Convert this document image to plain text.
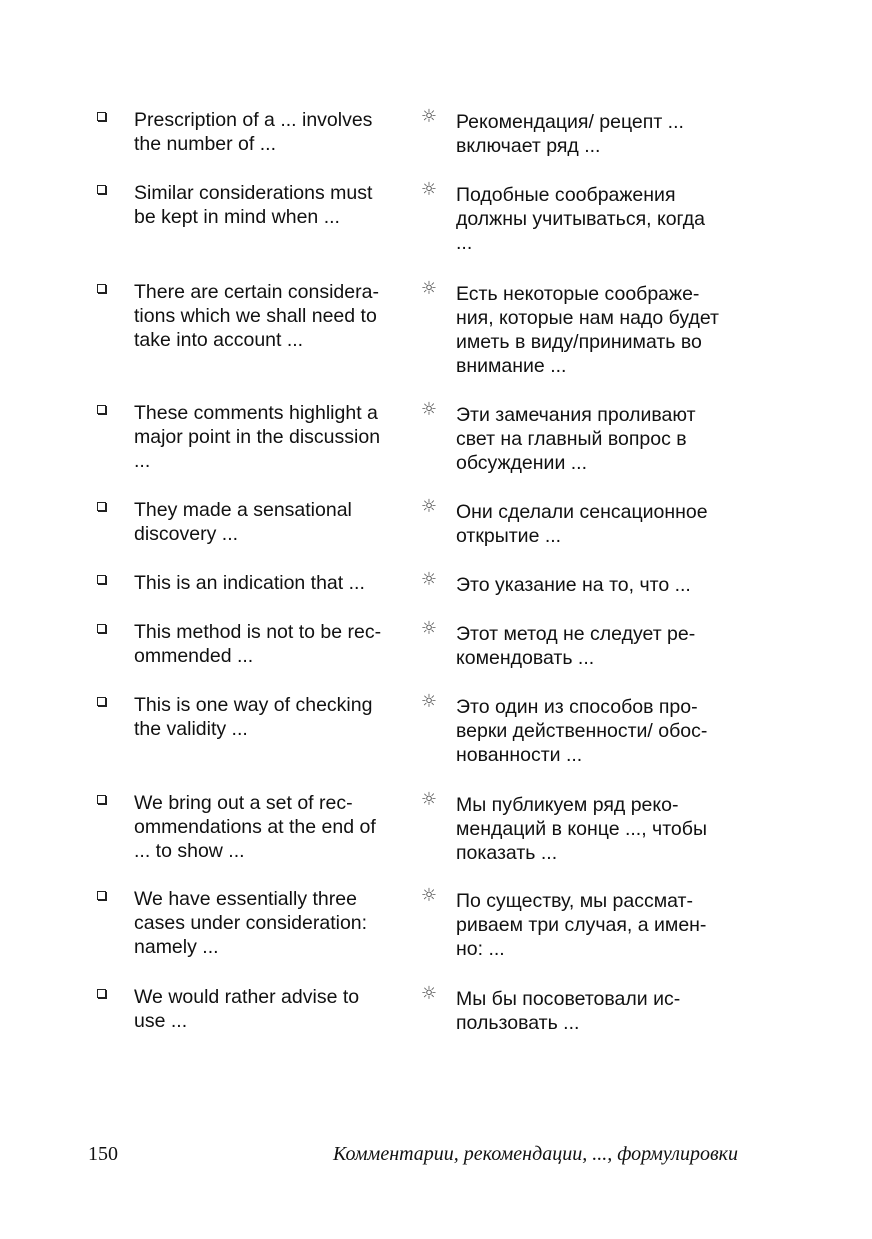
Prescription of a ... involves
the number of ...
☼ Рекомендация/ рецепт ...
включает ряд ...
Similar considerations must
be kept in mind when ...
☼ Подобные соображения
должны учитываться, когда
...
There are certain considera-
tions which we shall need to
take into account ...
☼ Есть некоторые соображе-
ния, которые нам надо будет
иметь в виду/принимать во
внимание ...
These comments highlight a
major point in the discussion
...
☼ Эти замечания проливают
свет на главный вопрос в
обсуждении ...
They made a sensational
discovery ...
☼ Они сделали сенсационное
открытие ...
This is an indication that ...	☼ Это указание на то, что ...
This method is not to be rec-
ommended ...
☼ Этот метод не следует ре-
комендовать ...
This is one way of checking
the validity ...
☼ Это один из способов про-
верки действенности/ обос-
нованности ...
We bring out a set of rec-
ommendations at the end of
... to show ...
☼ Мы публикуем ряд реко-
мендаций в конце ..., чтобы
показать ...
We have essentially three
cases under consideration:
namely ...
☼ По существу, мы рассмат-
риваем три случая, а имен-
но: ...
We would rather advise to
use ...
☼ Мы бы посоветовали ис-
пользовать ...
150	Комментарии, рекомендации, ..., формулировки
